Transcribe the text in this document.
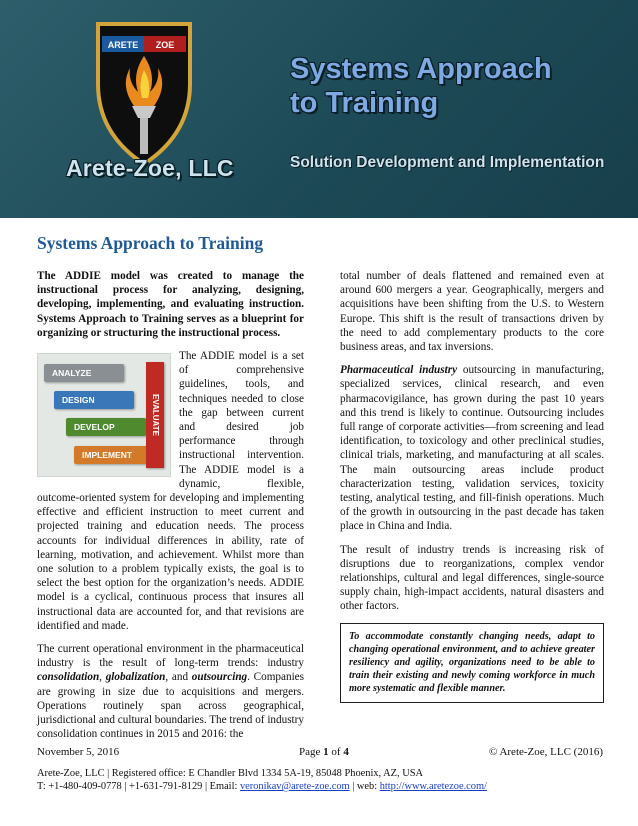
ARETE ZOE
Arete-Zoe, LLC
Systems Approach
to Training
Solution Development and Implementation
Systems Approach to Training

The ADDIE model was created to manage the instructional process for analyzing, designing, developing, implementing, and evaluating instruction. Systems Approach to Training serves as a blueprint for organizing or structuring the instructional process.

ANALYZE
DESIGN
DEVELOP
IMPLEMENT
EVALUATE
The ADDIE model is a set of comprehensive guidelines, tools, and techniques needed to close the gap between current and desired job performance through instructional intervention. The ADDIE model is a dynamic, flexible, outcome-oriented system for developing and implementing effective and efficient instruction to meet current and projected training and education needs. The process accounts for individual differences in ability, rate of learning, motivation, and achievement. Whilst more than one solution to a problem typically exists, the goal is to select the best option for the organization’s needs. ADDIE model is a cyclical, continuous process that insures all instructional data are accounted for, and that revisions are identified and made.

The current operational environment in the pharmaceutical industry is the result of long-term trends: industry consolidation, globalization, and outsourcing. Companies are growing in size due to acquisitions and mergers. Operations routinely span across geographical, jurisdictional and cultural boundaries. The trend of industry consolidation continues in 2015 and 2016: the

total number of deals flattened and remained even at around 600 mergers a year. Geographically, mergers and acquisitions have been shifting from the U.S. to Western Europe. This shift is the result of transactions driven by the need to add complementary products to the core business areas, and tax inversions.

Pharmaceutical industry outsourcing in manufacturing, specialized services, clinical research, and even pharmacovigilance, has grown during the past 10 years and this trend is likely to continue. Outsourcing includes full range of corporate activities—from screening and lead identification, to toxicology and other preclinical studies, clinical trials, marketing, and manufacturing at all scales. The main outsourcing areas include product characterization testing, validation services, toxicity testing, analytical testing, and fill-finish operations. Much of the growth in outsourcing in the past decade has taken place in China and India.

The result of industry trends is increasing risk of disruptions due to reorganizations, complex vendor relationships, cultural and legal differences, single-source supply chain, high-impact accidents, natural disasters and other factors.

To accommodate constantly changing needs, adapt to changing operational environment, and to achieve greater resiliency and agility, organizations need to be able to train their existing and newly coming workforce in much more systematic and flexible manner.
November 5, 2016	Page 1 of 4	© Arete-Zoe, LLC (2016)
Arete-Zoe, LLC | Registered office: E Chandler Blvd 1334 5A-19, 85048 Phoenix, AZ, USA
T: +1-480-409-0778 | +1-631-791-8129 | Email: veronikav@arete-zoe.com | web: http://www.aretezoe.com/
